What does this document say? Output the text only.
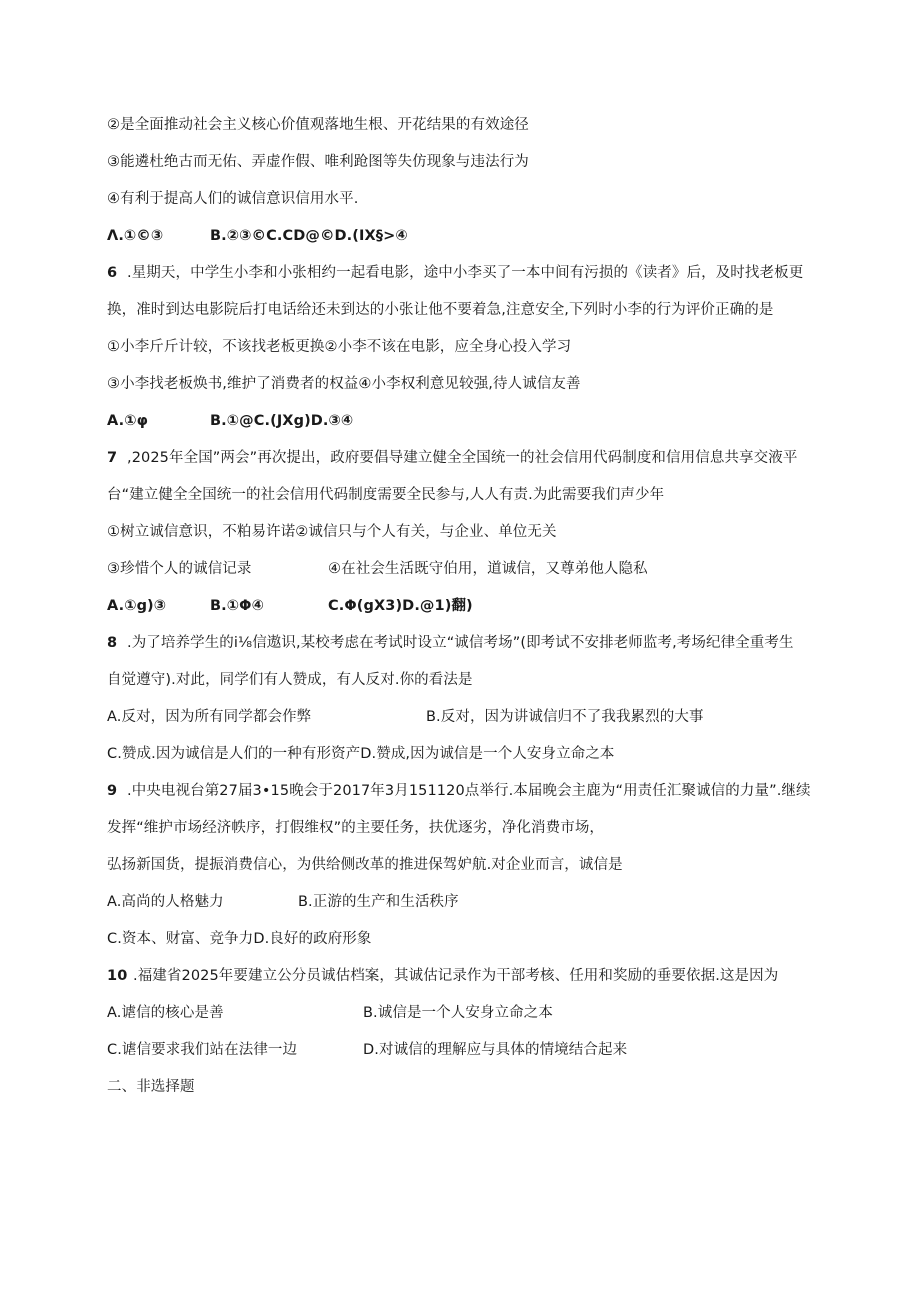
②是全面推动社会主义核心价值观落地生根、开花结果的有效途径
③能遴杜绝古而无佑、弄虚作假、唯利跄图等失仿现象与违法行为
④有利于提高人们的诚信意识信用水平.
Λ.①©③	B.②③©C.CD@©D.(IX§>④
6 .星期天，中学生小李和小张相约一起看电影，途中小李买了一本中间有污损的《读者》后，及时找老板更
换，准时到达电影院后打电话给还未到达的小张让他不要着急,注意安全,下列时小李的行为评价正确的是
①小李斤斤计较，不该找老板更换②小李不该在电影，应全身心投入学习
③小李找老板焕书,维护了消费者的权益④小李权利意见较强,待人诚信友善
A.①φ	B.①@C.(JXg)D.③④
7 ,2025年全国”两会”再次提出，政府要倡导建立健全全国统一的社会信用代码制度和信用信息共享交液平
台“建立健全全国统一的社会信用代码制度需要全民参与,人人有责.为此需要我们声少年
①树立诚信意识，不粕易许诺②诚信只与个人有关，与企业、单位无关
③珍惜个人的诚信记录	④在社会生活既守伯用，道诚信，又尊弟他人隐私
A.①g)③	B.①Φ④	C.Φ(gX3)D.@1)翻)
8 .为了培养学生的i⅛信遨识,某校考虑在考试时设立“诚信考场”(即考试不安排老师监考,考场纪律全重考生
自觉遵守).对此，同学们有人赞成，有人反对.你的看法是
A.反对，因为所有同学都会作弊	B.反对，因为讲诚信归不了我我累烈的大事
C.赞成.因为诚信是人们的一种有形资产D.赞成,因为诚信是一个人安身立命之本
9 .中央电视台第27届3•15晚会于2017年3月151120点举行.本届晚会主鹿为“用责任汇聚诚信的力量”.继续
发挥“维护市场经济帙序，打假维权”的主要任务，扶优逐劣，净化消费市场，
弘扬新国货，提振消费信心，为供给侧改革的推进保驾妒航.对企业而言，诚信是
A.高尚的人格魅力	B.正游的生产和生活秩序
C.资本、财富、竞争力D.良好的政府形象
10 .福建省2025年要建立公分员诚估档案，其诚估记录作为干部考核、任用和奖励的垂要依据.这是因为
A.谑信的核心是善	B.诚信是一个人安身立命之本
C.谑信要求我们站在法律一边	D.对诚信的理解应与具体的情境结合起来
二、非选择题
